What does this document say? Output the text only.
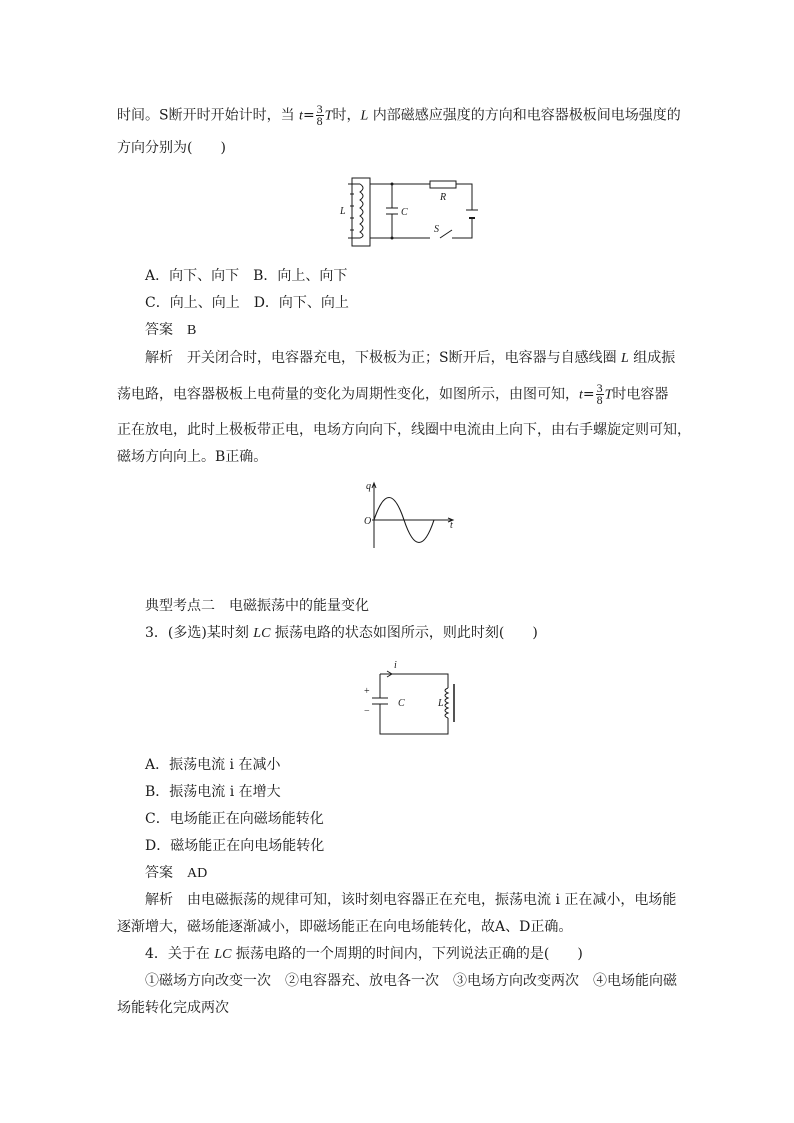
时间。S断开时开始计时，当 $t= \frac{3}{8}$ T时，L 内部磁感应强度的方向和电容器极板间电场强度的
方向分别为(　　)
L	C
R
S
A．向下、向下　B．向上、向下
C．向上、向上　D．向下、向上
答案　 B
解析　 开关闭合时，电容器充电，下极板为正；S断开后，电容器与自感线圈 L 组成振
荡电路，电容器极板上电荷量的变化为周期性变化，如图所示，由图可知，$t= \frac{3}{8}$ T时电容器
正在放电，此时上极板带正电，电场方向向下，线圈中电流由上向下，由右手螺旋定则可知，
磁场方向向上。B正确。
q
O	t
典型考点二　电磁振荡中的能量变化
3．(多选)某时刻 LC 振荡电路的状态如图所示，则此时刻(　　)
i
+
−
C	L
A．振荡电流 i 在减小
B．振荡电流 i 在增大
C．电场能正在向磁场能转化
D．磁场能正在向电场能转化
答案　 AD
解析　 由电磁振荡的规律可知，该时刻电容器正在充电，振荡电流 i 正在减小，电场能
逐渐增大，磁场能逐渐减小，即磁场能正在向电场能转化，故A、D正确。
4．关于在 LC 振荡电路的一个周期的时间内，下列说法正确的是(　　)
①磁场方向改变一次　②电容器充、放电各一次　③电场方向改变两次　④电场能向磁
场能转化完成两次
